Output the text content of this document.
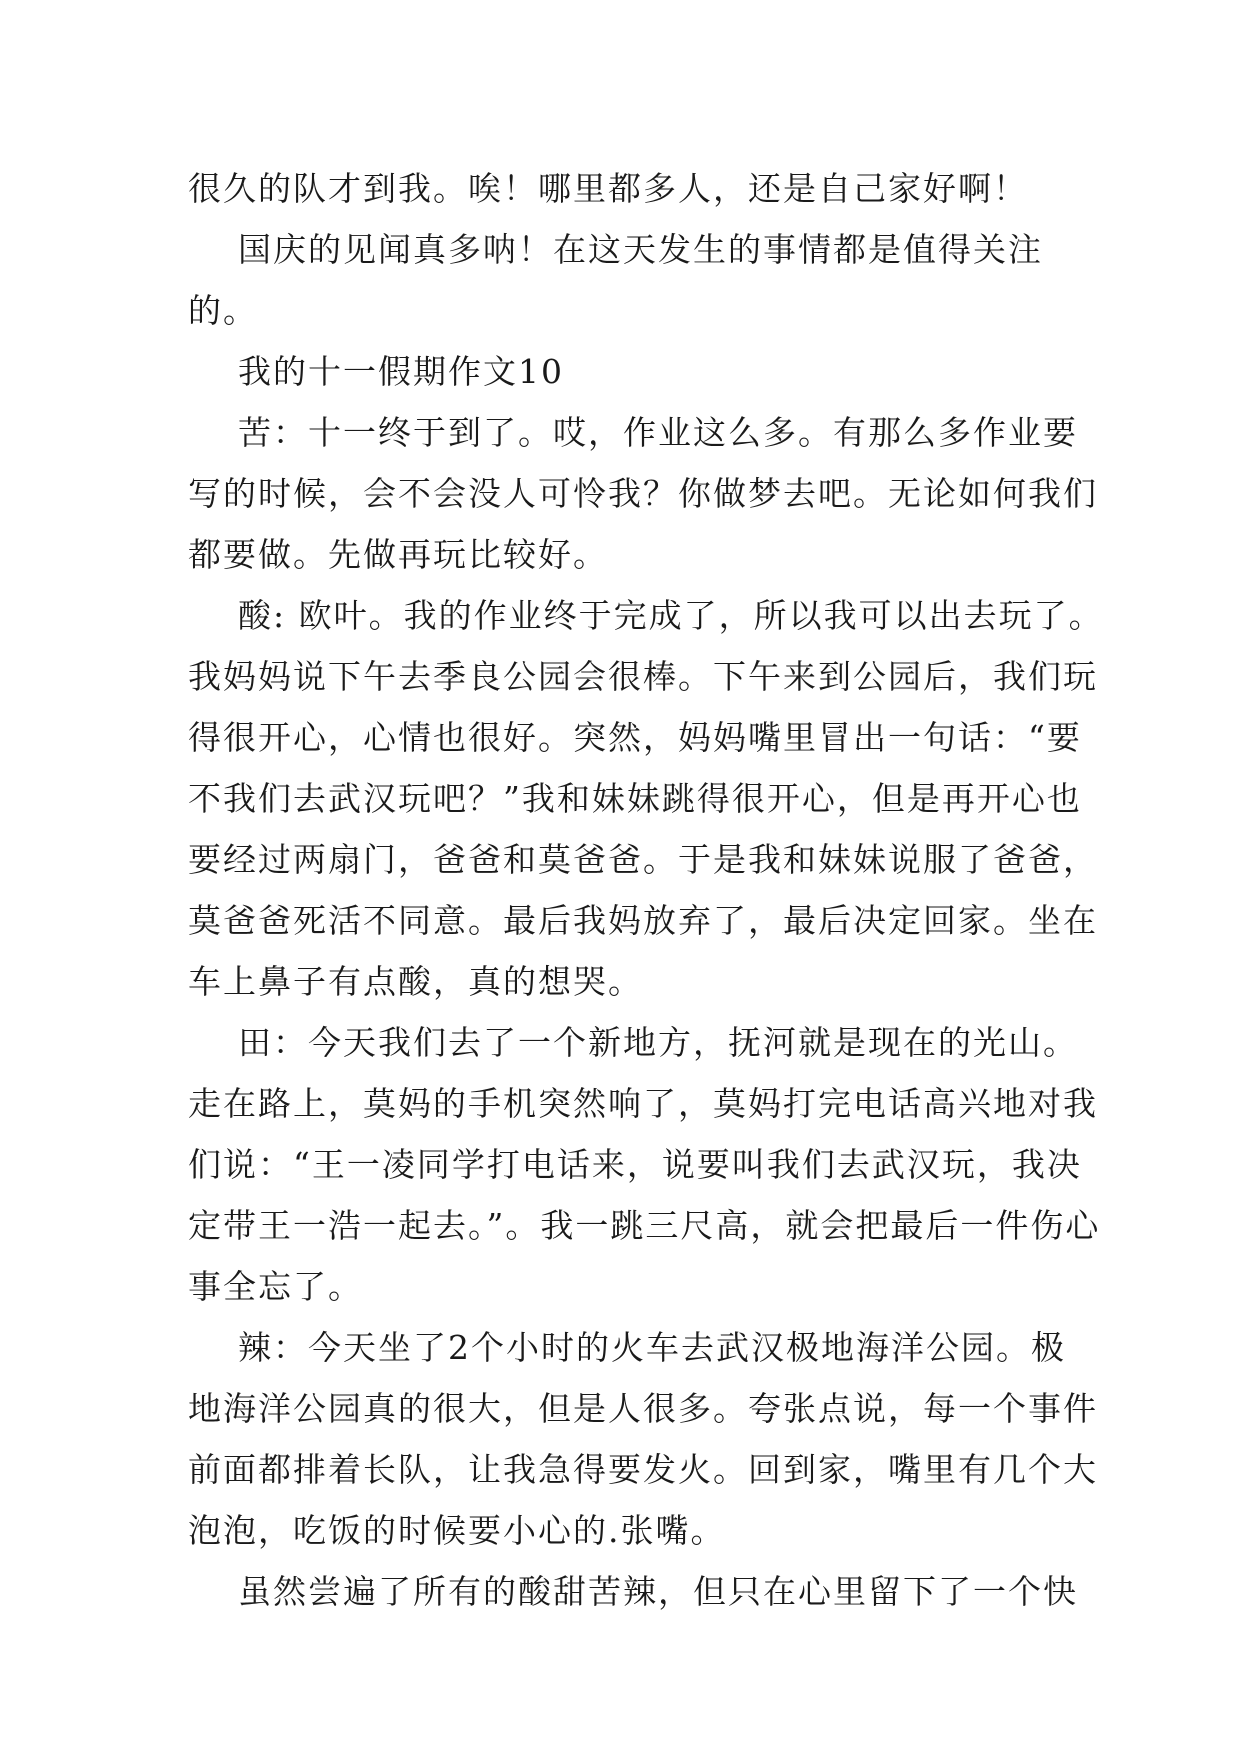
很久的队才到我。唉！哪里都多人，还是自己家好啊！

国庆的见闻真多呐！在这天发生的事情都是值得关注

的。

我的十一假期作文10

苦：十一终于到了。哎，作业这么多。有那么多作业要

写的时候，会不会没人可怜我？你做梦去吧。无论如何我们

都要做。先做再玩比较好。

酸: 欧叶。我的作业终于完成了，所以我可以出去玩了。

我妈妈说下午去季良公园会很棒。下午来到公园后，我们玩

得很开心，心情也很好。突然，妈妈嘴里冒出一句话：“要

不我们去武汉玩吧？”我和妹妹跳得很开心，但是再开心也

要经过两扇门，爸爸和莫爸爸。于是我和妹妹说服了爸爸，

莫爸爸死活不同意。最后我妈放弃了，最后决定回家。坐在

车上鼻子有点酸，真的想哭。

田：今天我们去了一个新地方，抚河就是现在的光山。

走在路上，莫妈的手机突然响了，莫妈打完电话高兴地对我

们说：“王一凌同学打电话来，说要叫我们去武汉玩，我决

定带王一浩一起去。”。我一跳三尺高，就会把最后一件伤心

事全忘了。

辣：今天坐了2个小时的火车去武汉极地海洋公园。极

地海洋公园真的很大，但是人很多。夸张点说，每一个事件

前面都排着长队，让我急得要发火。回到家，嘴里有几个大

泡泡，吃饭的时候要小心的.张嘴。

虽然尝遍了所有的酸甜苦辣，但只在心里留下了一个快
